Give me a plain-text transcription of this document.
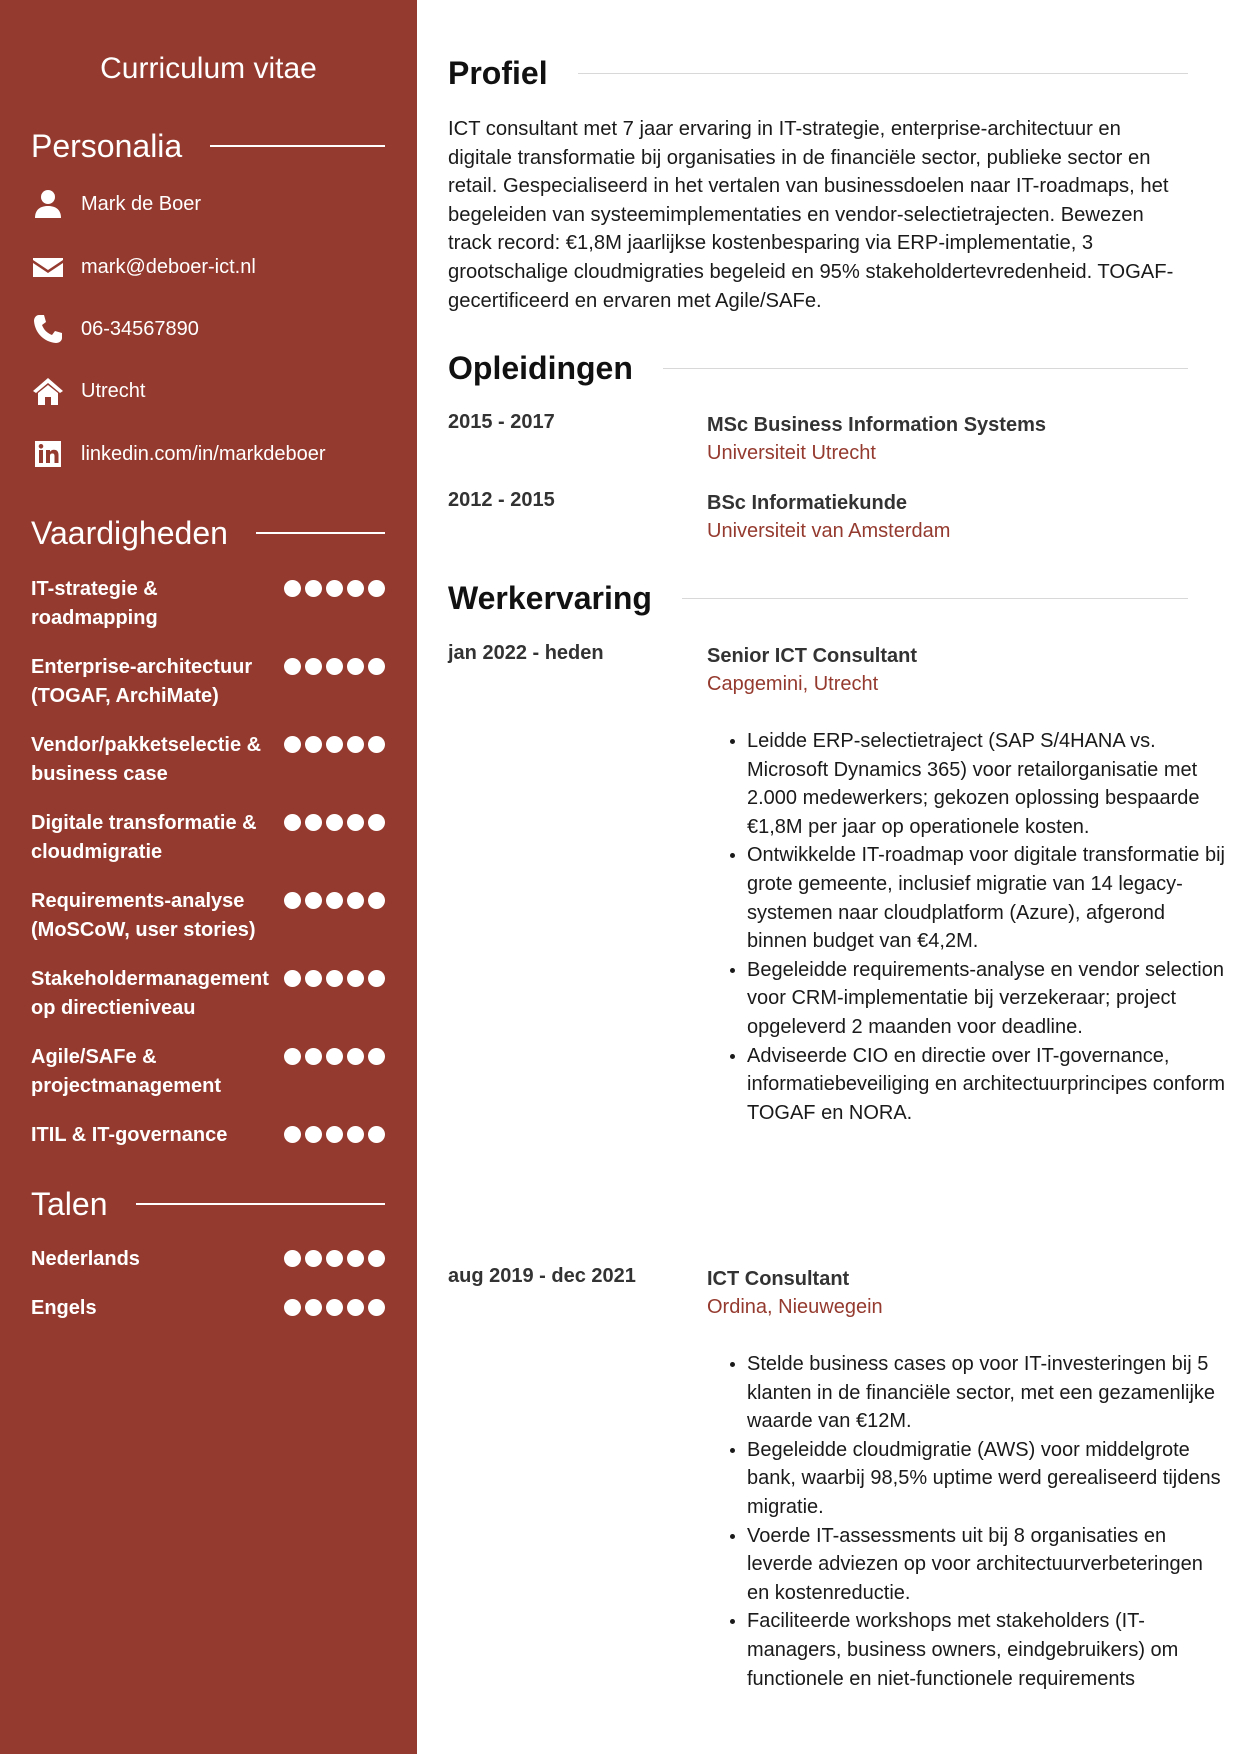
Curriculum vitae
Personalia
Mark de Boer
mark@deboer-ict.nl
06-34567890
Utrecht
linkedin.com/in/markdeboer
Vaardigheden
IT-strategie & roadmapping
Enterprise-architectuur (TOGAF, ArchiMate)
Vendor/pakketselectie & business case
Digitale transformatie & cloudmigratie
Requirements-analyse (MoSCoW, user stories)
Stakeholdermanagement op directieniveau
Agile/SAFe & projectmanagement
ITIL & IT-governance
Talen
Nederlands
Engels
Profiel
ICT consultant met 7 jaar ervaring in IT-strategie, enterprise-architectuur en digitale transformatie bij organisaties in de financiële sector, publieke sector en retail. Gespecialiseerd in het vertalen van businessdoelen naar IT-roadmaps, het begeleiden van systeemimplementaties en vendor-selectietrajecten. Bewezen track record: €1,8M jaarlijkse kostenbesparing via ERP-implementatie, 3 grootschalige cloudmigraties begeleid en 95% stakeholdertevredenheid. TOGAF-gecertificeerd en ervaren met Agile/SAFe.
Opleidingen
2015 - 2017	MSc Business Information Systems
Universiteit Utrecht
2012 - 2015	BSc Informatiekunde
Universiteit van Amsterdam
Werkervaring
jan 2022 - heden	Senior ICT Consultant
Capgemini, Utrecht
• Leidde ERP-selectietraject (SAP S/4HANA vs. Microsoft Dynamics 365) voor retailorganisatie met 2.000 medewerkers; gekozen oplossing bespaarde €1,8M per jaar op operationele kosten.
• Ontwikkelde IT-roadmap voor digitale transformatie bij grote gemeente, inclusief migratie van 14 legacy-systemen naar cloudplatform (Azure), afgerond binnen budget van €4,2M.
• Begeleidde requirements-analyse en vendor selection voor CRM-implementatie bij verzekeraar; project opgeleverd 2 maanden voor deadline.
• Adviseerde CIO en directie over IT-governance, informatiebeveiliging en architectuurprincipes conform TOGAF en NORA.
aug 2019 - dec 2021	ICT Consultant
Ordina, Nieuwegein
• Stelde business cases op voor IT-investeringen bij 5 klanten in de financiële sector, met een gezamenlijke waarde van €12M.
• Begeleidde cloudmigratie (AWS) voor middelgrote bank, waarbij 98,5% uptime werd gerealiseerd tijdens migratie.
• Voerde IT-assessments uit bij 8 organisaties en leverde adviezen op voor architectuurverbeteringen en kostenreductie.
• Faciliteerde workshops met stakeholders (IT-managers, business owners, eindgebruikers) om functionele en niet-functionele requirements
